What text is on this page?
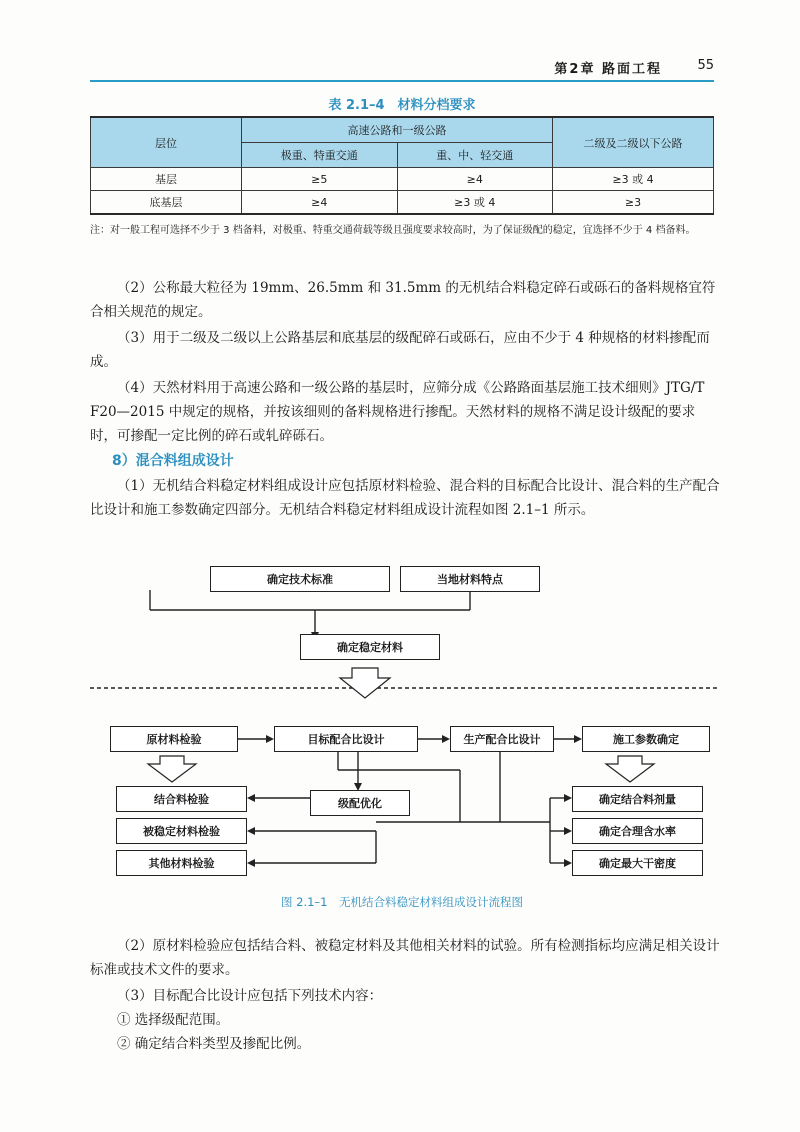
第2章 路面工程	55
表 2.1–4　材料分档要求
层位	高速公路和一级公路		二级及二级以下公路
	极重、特重交通	重、中、轻交通	
基层	≥5	≥4	≥3 或 4
底基层	≥4	≥3 或 4	≥3
注：对一般工程可选择不少于 3 档备料，对极重、特重交通荷载等级且强度要求较高时，为了保证级配的稳定，宜选择不少于 4 档备料。
（2）公称最大粒径为 19mm、26.5mm 和 31.5mm 的无机结合料稳定碎石或砾石的备料规格宜符合相关规范的规定。
（3）用于二级及二级以上公路基层和底基层的级配碎石或砾石，应由不少于 4 种规格的材料掺配而成。
（4）天然材料用于高速公路和一级公路的基层时，应筛分成《公路路面基层施工技术细则》JTG/T F20—2015 中规定的规格，并按该细则的备料规格进行掺配。天然材料的规格不满足设计级配的要求时，可掺配一定比例的碎石或轧碎砾石。
8）混合料组成设计
（1）无机结合料稳定材料组成设计应包括原材料检验、混合料的目标配合比设计、混合料的生产配合比设计和施工参数确定四部分。无机结合料稳定材料组成设计流程如图 2.1–1 所示。
确定技术标准	当地材料特点
确定稳定材料
原材料检验	目标配合比设计	生产配合比设计	施工参数确定
结合料检验
被稳定材料检验
其他材料检验
级配优化	确定结合料剂量
确定合理含水率
确定最大干密度
图 2.1–1　无机结合料稳定材料组成设计流程图
（2）原材料检验应包括结合料、被稳定材料及其他相关材料的试验。所有检测指标均应满足相关设计标准或技术文件的要求。
（3）目标配合比设计应包括下列技术内容：
① 选择级配范围。
② 确定结合料类型及掺配比例。
